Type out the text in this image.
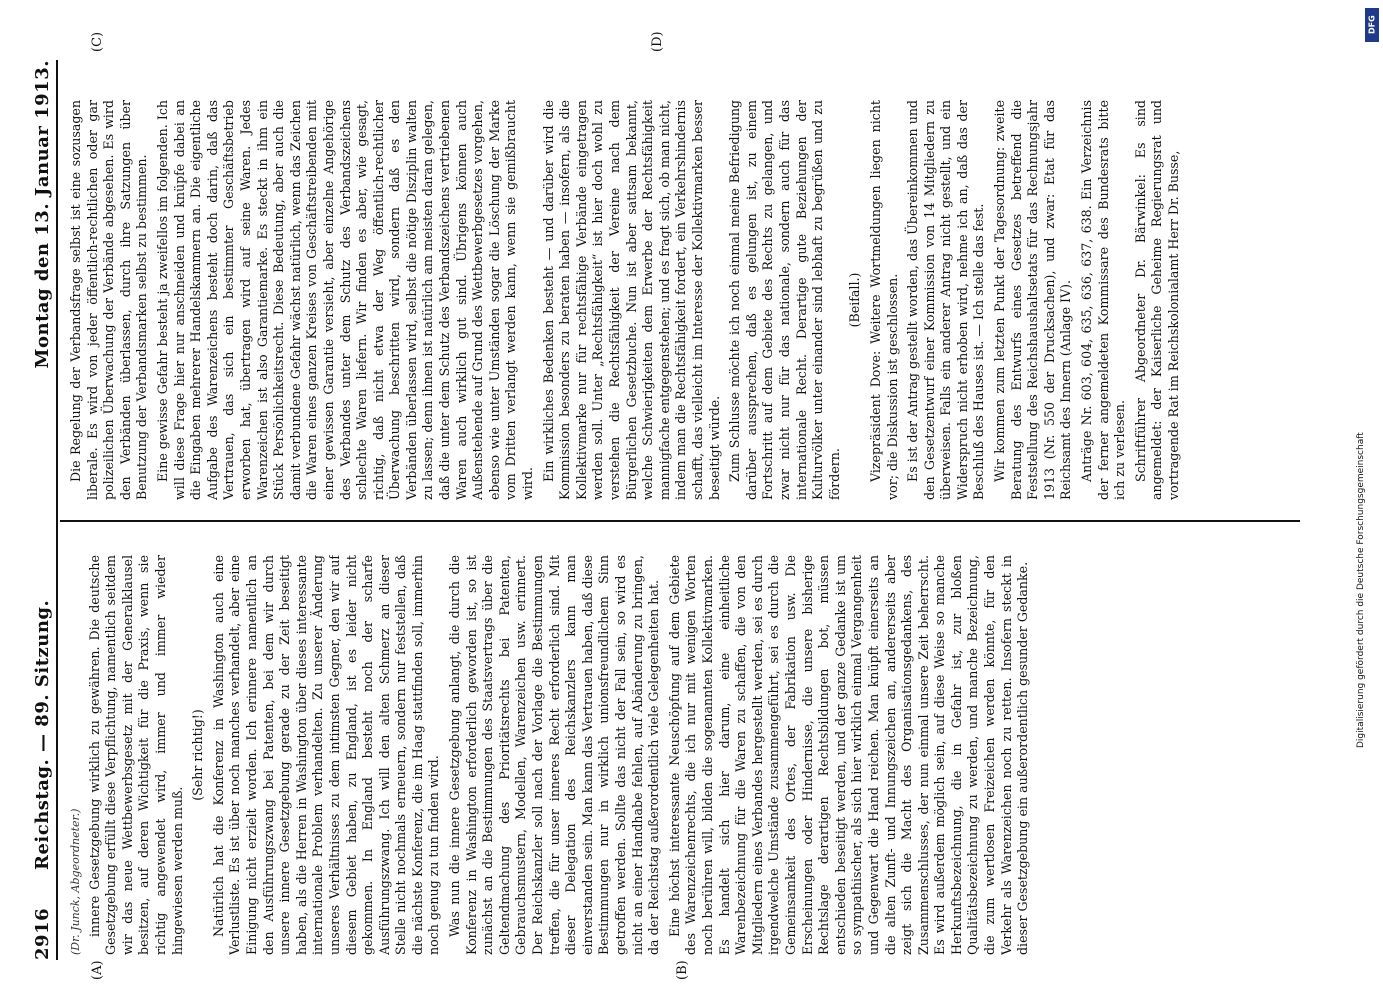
2916
Reichstag. — 89. Sitzung.
Montag den 13. Januar 1913.
(A)	(B)
(C)	(D)
(Dr. Junck, Abgeordneter.) innere Gesetzgebung wirklich zu gewähren. Die deutsche Gesetzgebung erfüllt diese Verpflichtung, namentlich seitdem wir das neue Wettbewerbsgesetz mit der Generalklausel besitzen, auf deren Wichtigkeit für die Praxis, wenn sie richtig angewendet wird, immer und immer wieder hingewiesen werden muß.

(Sehr richtig!) Natürlich hat die Konferenz in Washington auch eine Verlustliste. Es ist über noch manches verhandelt, aber eine Einigung nicht erzielt worden. Ich erinnere namentlich an den Ausführungszwang bei Patenten, bei dem wir durch unsere innere Gesetzgebung gerade zu der Zeit beseitigt haben, als die Herren in Washington über dieses interessante internationale Problem verhandelten. Zu unserer Änderung unseres Verhältnisses zu dem intimsten Gegner, den wir auf diesem Gebiet haben, zu England, ist es leider nicht gekommen. In England besteht noch der scharfe Ausführungszwang. Ich will den alten Schmerz an dieser Stelle nicht nochmals erneuern, sondern nur feststellen, daß die nächste Konferenz, die im Haag stattfinden soll, immerhin noch genug zu tun finden wird. Was nun die innere Gesetzgebung anlangt, die durch die Konferenz in Washington erforderlich geworden ist, so ist zunächst an die Bestimmungen des Staatsvertrags über die Geltendmachung des Prioritätsrechts bei Patenten, Gebrauchsmustern, Modellen, Warenzeichen usw. erinnert. Der Reichskanzler soll nach der Vorlage die Bestimmungen treffen, die für unser inneres Recht erforderlich sind. Mit dieser Delegation des Reichskanzlers kann man einverstanden sein. Man kann das Vertrauen haben, daß diese Bestimmungen nur in wirklich unionsfreundlichem Sinn getroffen werden. Sollte das nicht der Fall sein, so wird es nicht an einer Handhabe fehlen, auf Abänderung zu bringen, da der Reichstag außerordentlich viele Gelegenheiten hat. Eine höchst interessante Neuschöpfung auf dem Gebiete des Warenzeichenrechts, die ich nur mit wenigen Worten noch berühren will, bilden die sogenannten Kollektivmarken. Es handelt sich hier darum, eine einheitliche Warenbezeichnung für die Waren zu schaffen, die von den Mitgliedern eines Verbandes hergestellt werden, sei es durch irgendwelche Umstände zusammengeführt, sei es durch die Gemeinsamkeit des Ortes, der Fabrikation usw. Die Erscheinungen oder Hindernisse, die unsere bisherige Rechtslage derartigen Rechtsbildungen bot, müssen entschieden beseitigt werden, und der ganze Gedanke ist um so sympathischer, als sich hier wirklich einmal Vergangenheit und Gegenwart die Hand reichen. Man knüpft einerseits an die alten Zunft- und Innungszeichen an, andererseits aber zeigt sich die Macht des Organisationsgedankens, des Zusammenschlusses, der nun einmal unsere Zeit beherrscht. Es wird außerdem möglich sein, auf diese Weise so manche Herkunftsbezeichnung, die in Gefahr ist, zur bloßen Qualitätsbezeichnung zu werden, und manche Bezeichnung, die zum wertlosen Freizeichen werden könnte, für den Verkehr als Warenzeichen noch zu retten. Insofern steckt in dieser Gesetzgebung ein außerordentlich gesunder Gedanke.

Die Regelung der Verbandsfrage selbst ist eine sozusagen liberale. Es wird von jeder öffentlich-rechtlichen oder gar polizeilichen Überwachung der Verbände abgesehen. Es wird den Verbänden überlassen, durch ihre Satzungen über Benutzung der Verbandsmarken selbst zu bestimmen. Eine gewisse Gefahr besteht ja zweifellos im folgenden. Ich will diese Frage hier nur anschneiden und knüpfe dabei an die Eingaben mehrerer Handelskammern an. Die eigentliche Aufgabe des Warenzeichens besteht doch darin, daß das Vertrauen, das sich ein bestimmter Geschäftsbetrieb erworben hat, übertragen wird auf seine Waren. Jedes Warenzeichen ist also Garantiemarke. Es steckt in ihm ein Stück Persönlichkeitsrecht. Diese Bedeutung, aber auch die damit verbundene Gefahr wächst natürlich, wenn das Zeichen die Waren eines ganzen Kreises von Geschäftstreibenden mit einer gewissen Garantie versieht, aber einzelne Angehörige des Verbandes unter dem Schutz des Verbandszeichens schlechte Waren liefern. Wir finden es aber, wie gesagt, richtig, daß nicht etwa der Weg öffentlich-rechtlicher Überwachung beschritten wird, sondern daß es den Verbänden überlassen wird, selbst die nötige Disziplin walten zu lassen; denn ihnen ist natürlich am meisten daran gelegen, daß die unter dem Schutz des Verbandszeichens vertriebenen Waren auch wirklich gut sind. Übrigens können auch Außenstehende auf Grund des Wettbewerbgesetzes vorgehen, ebenso wie unter Umständen sogar die Löschung der Marke vom Dritten verlangt werden kann, wenn sie gemißbraucht wird.

Ein wirkliches Bedenken besteht — und darüber wird die Kommission besonders zu beraten haben — insofern, als die Kollektivmarke nur für rechtsfähige Verbände eingetragen werden soll. Unter „Rechtsfähigkeit“ ist hier doch wohl zu verstehen die Rechtsfähigkeit der Vereine nach dem Bürgerlichen Gesetzbuche. Nun ist aber sattsam bekannt, welche Schwierigkeiten dem Erwerbe der Rechtsfähigkeit mannigfache entgegenstehen; und es fragt sich, ob man nicht, indem man die Rechtsfähigkeit fordert, ein Verkehrshindernis schafft, das vielleicht im Interesse der Kollektivmarken besser beseitigt würde. Zum Schlusse möchte ich noch einmal meine Befriedigung darüber aussprechen, daß es gelungen ist, zu einem Fortschritt auf dem Gebiete des Rechts zu gelangen, und zwar nicht nur für das nationale, sondern auch für das internationale Recht. Derartige gute Beziehungen der Kulturvölker unter einander sind lebhaft zu begrüßen und zu fördern.

(Beifall.) Vizepräsident Dove: Weitere Wortmeldungen liegen nicht vor; die Diskussion ist geschlossen. Es ist der Antrag gestellt worden, das Übereinkommen und den Gesetzentwurf einer Kommission von 14 Mitgliedern zu überweisen. Falls ein anderer Antrag nicht gestellt, und ein Widerspruch nicht erhoben wird, nehme ich an, daß das der Beschluß des Hauses ist. — Ich stelle das fest. Wir kommen zum letzten Punkt der Tagesordnung: zweite Beratung des Entwurfs eines Gesetzes betreffend die Feststellung des Reichshaushaltsetats für das Rechnungsjahr 1913 (Nr. 550 der Drucksachen), und zwar: Etat für das Reichsamt des Innern (Anlage IV). Anträge Nr. 603, 604, 635, 636, 637, 638. Ein Verzeichnis der ferner angemeldeten Kommissare des Bundesrats bitte ich zu verlesen. Schriftführer Abgeordneter Dr. Bärwinkel: Es sind angemeldet: der Kaiserliche Geheime Regierungsrat und vortragende Rat im Reichskolonialamt Herr Dr. Busse,

DFG
Digitalisierung gefördert durch die Deutsche Forschungsgemeinschaft
